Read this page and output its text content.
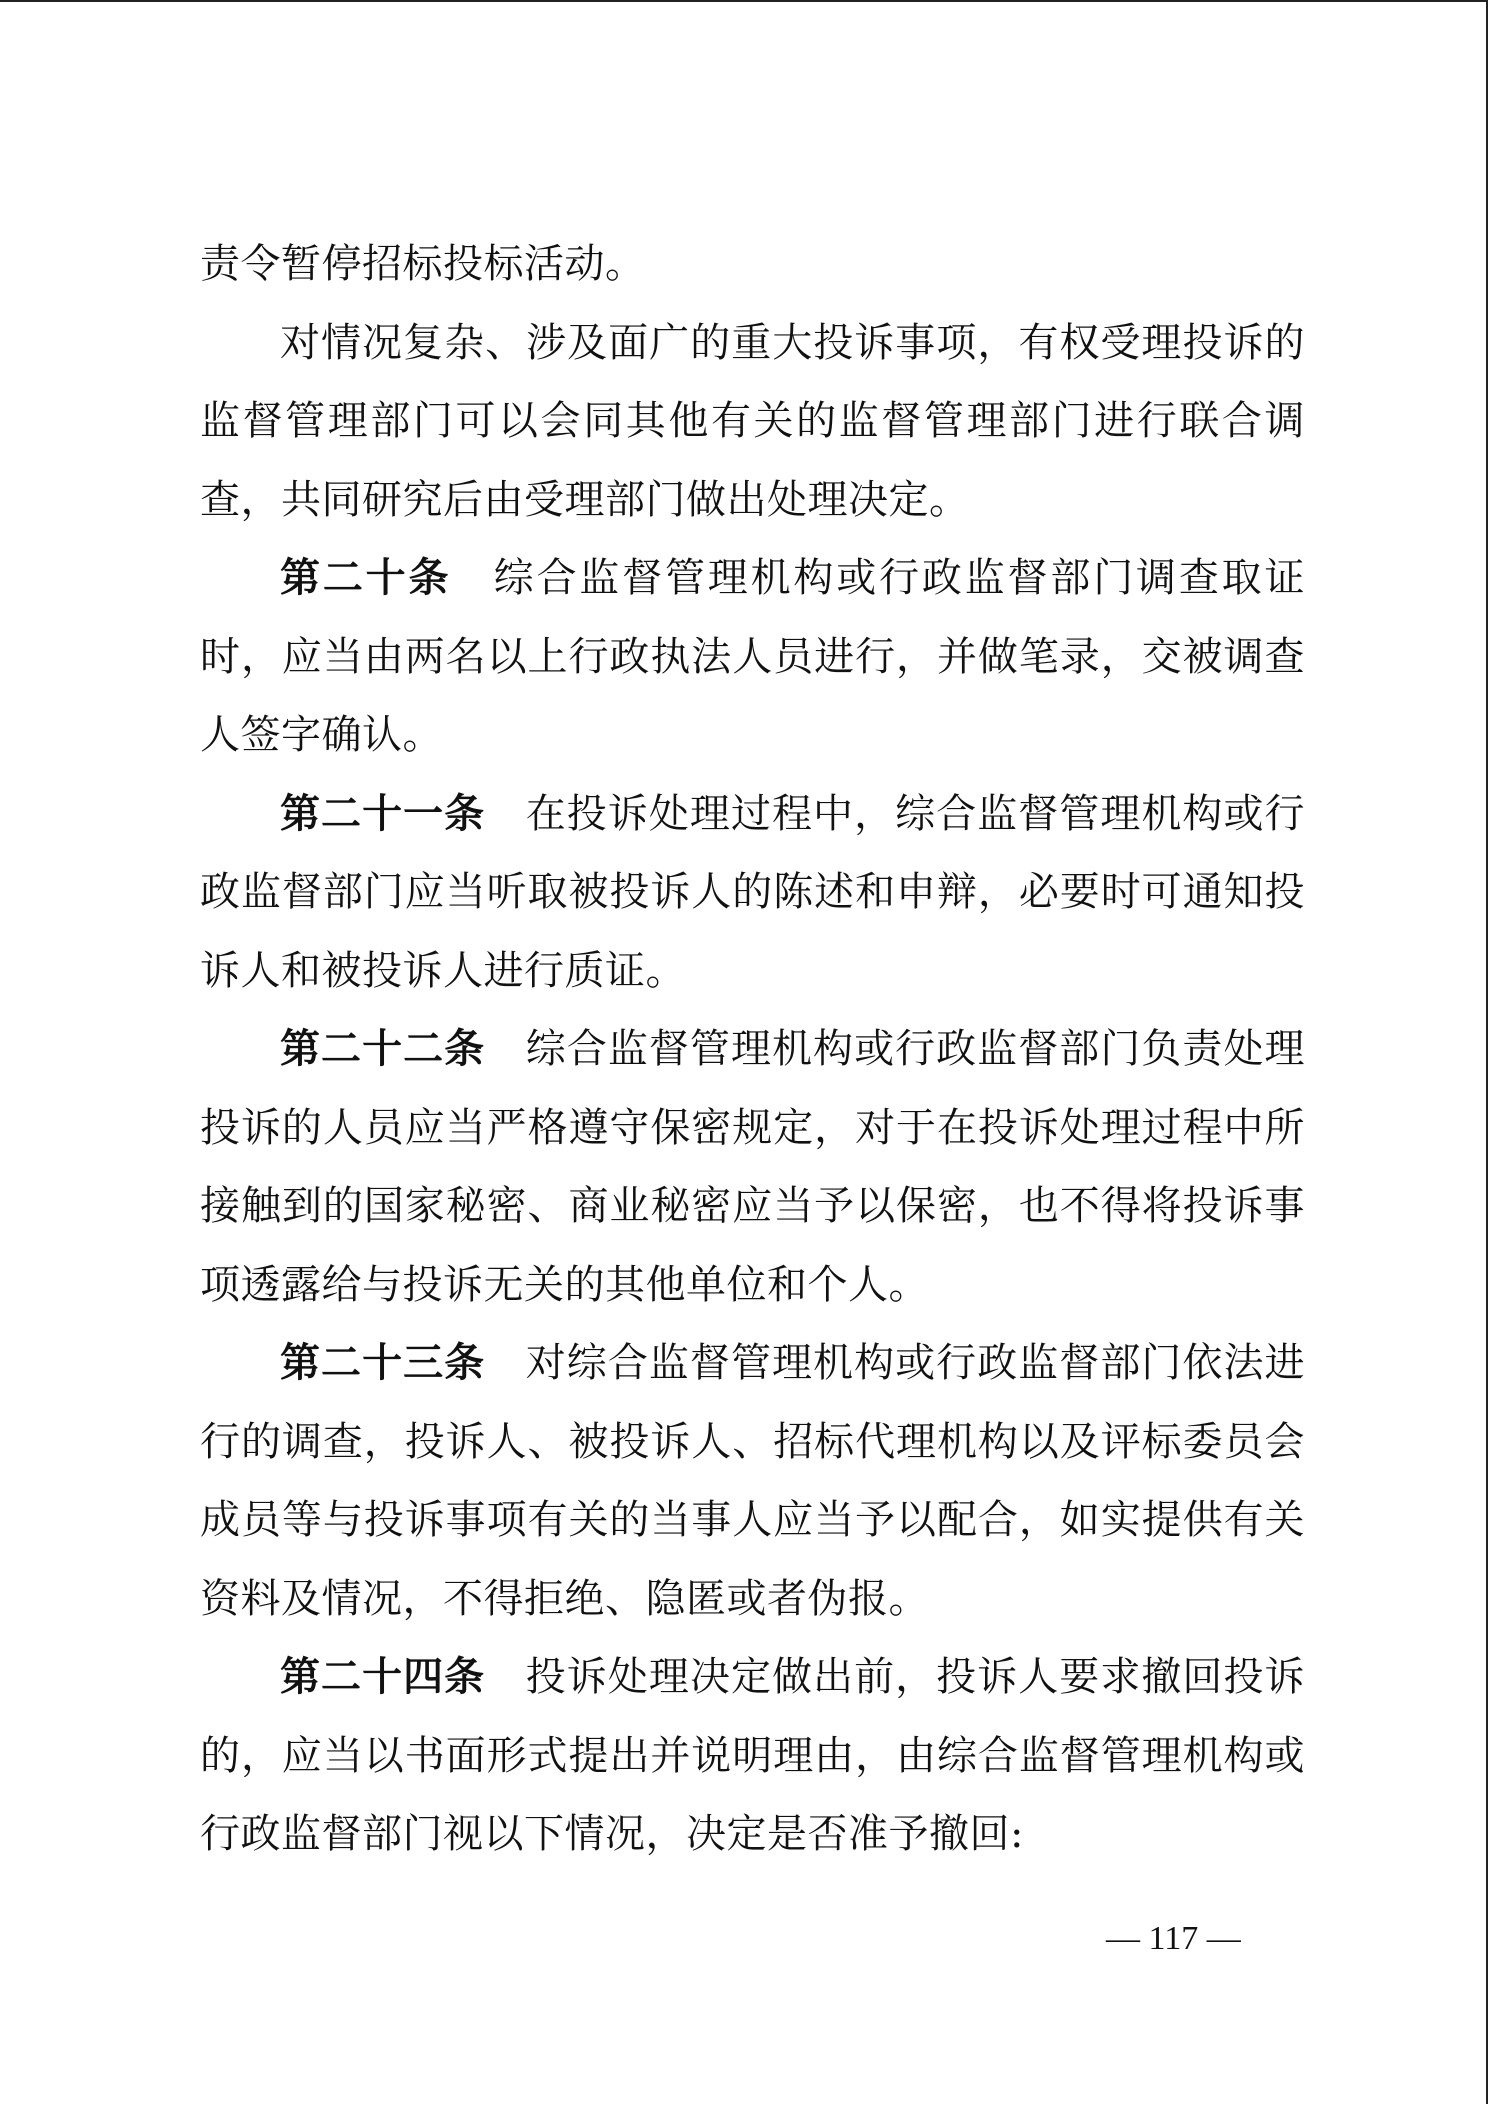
责令暂停招标投标活动。

对情况复杂、涉及面广的重大投诉事项，有权受理投诉的监督管理部门可以会同其他有关的监督管理部门进行联合调查，共同研究后由受理部门做出处理决定。

第二十条 综合监督管理机构或行政监督部门调查取证时，应当由两名以上行政执法人员进行，并做笔录，交被调查人签字确认。

第二十一条 在投诉处理过程中，综合监督管理机构或行政监督部门应当听取被投诉人的陈述和申辩，必要时可通知投诉人和被投诉人进行质证。

第二十二条 综合监督管理机构或行政监督部门负责处理投诉的人员应当严格遵守保密规定，对于在投诉处理过程中所接触到的国家秘密、商业秘密应当予以保密，也不得将投诉事项透露给与投诉无关的其他单位和个人。

第二十三条 对综合监督管理机构或行政监督部门依法进行的调查，投诉人、被投诉人、招标代理机构以及评标委员会成员等与投诉事项有关的当事人应当予以配合，如实提供有关资料及情况，不得拒绝、隐匿或者伪报。

第二十四条 投诉处理决定做出前，投诉人要求撤回投诉的，应当以书面形式提出并说明理由，由综合监督管理机构或行政监督部门视以下情况，决定是否准予撤回:

— 117 —
